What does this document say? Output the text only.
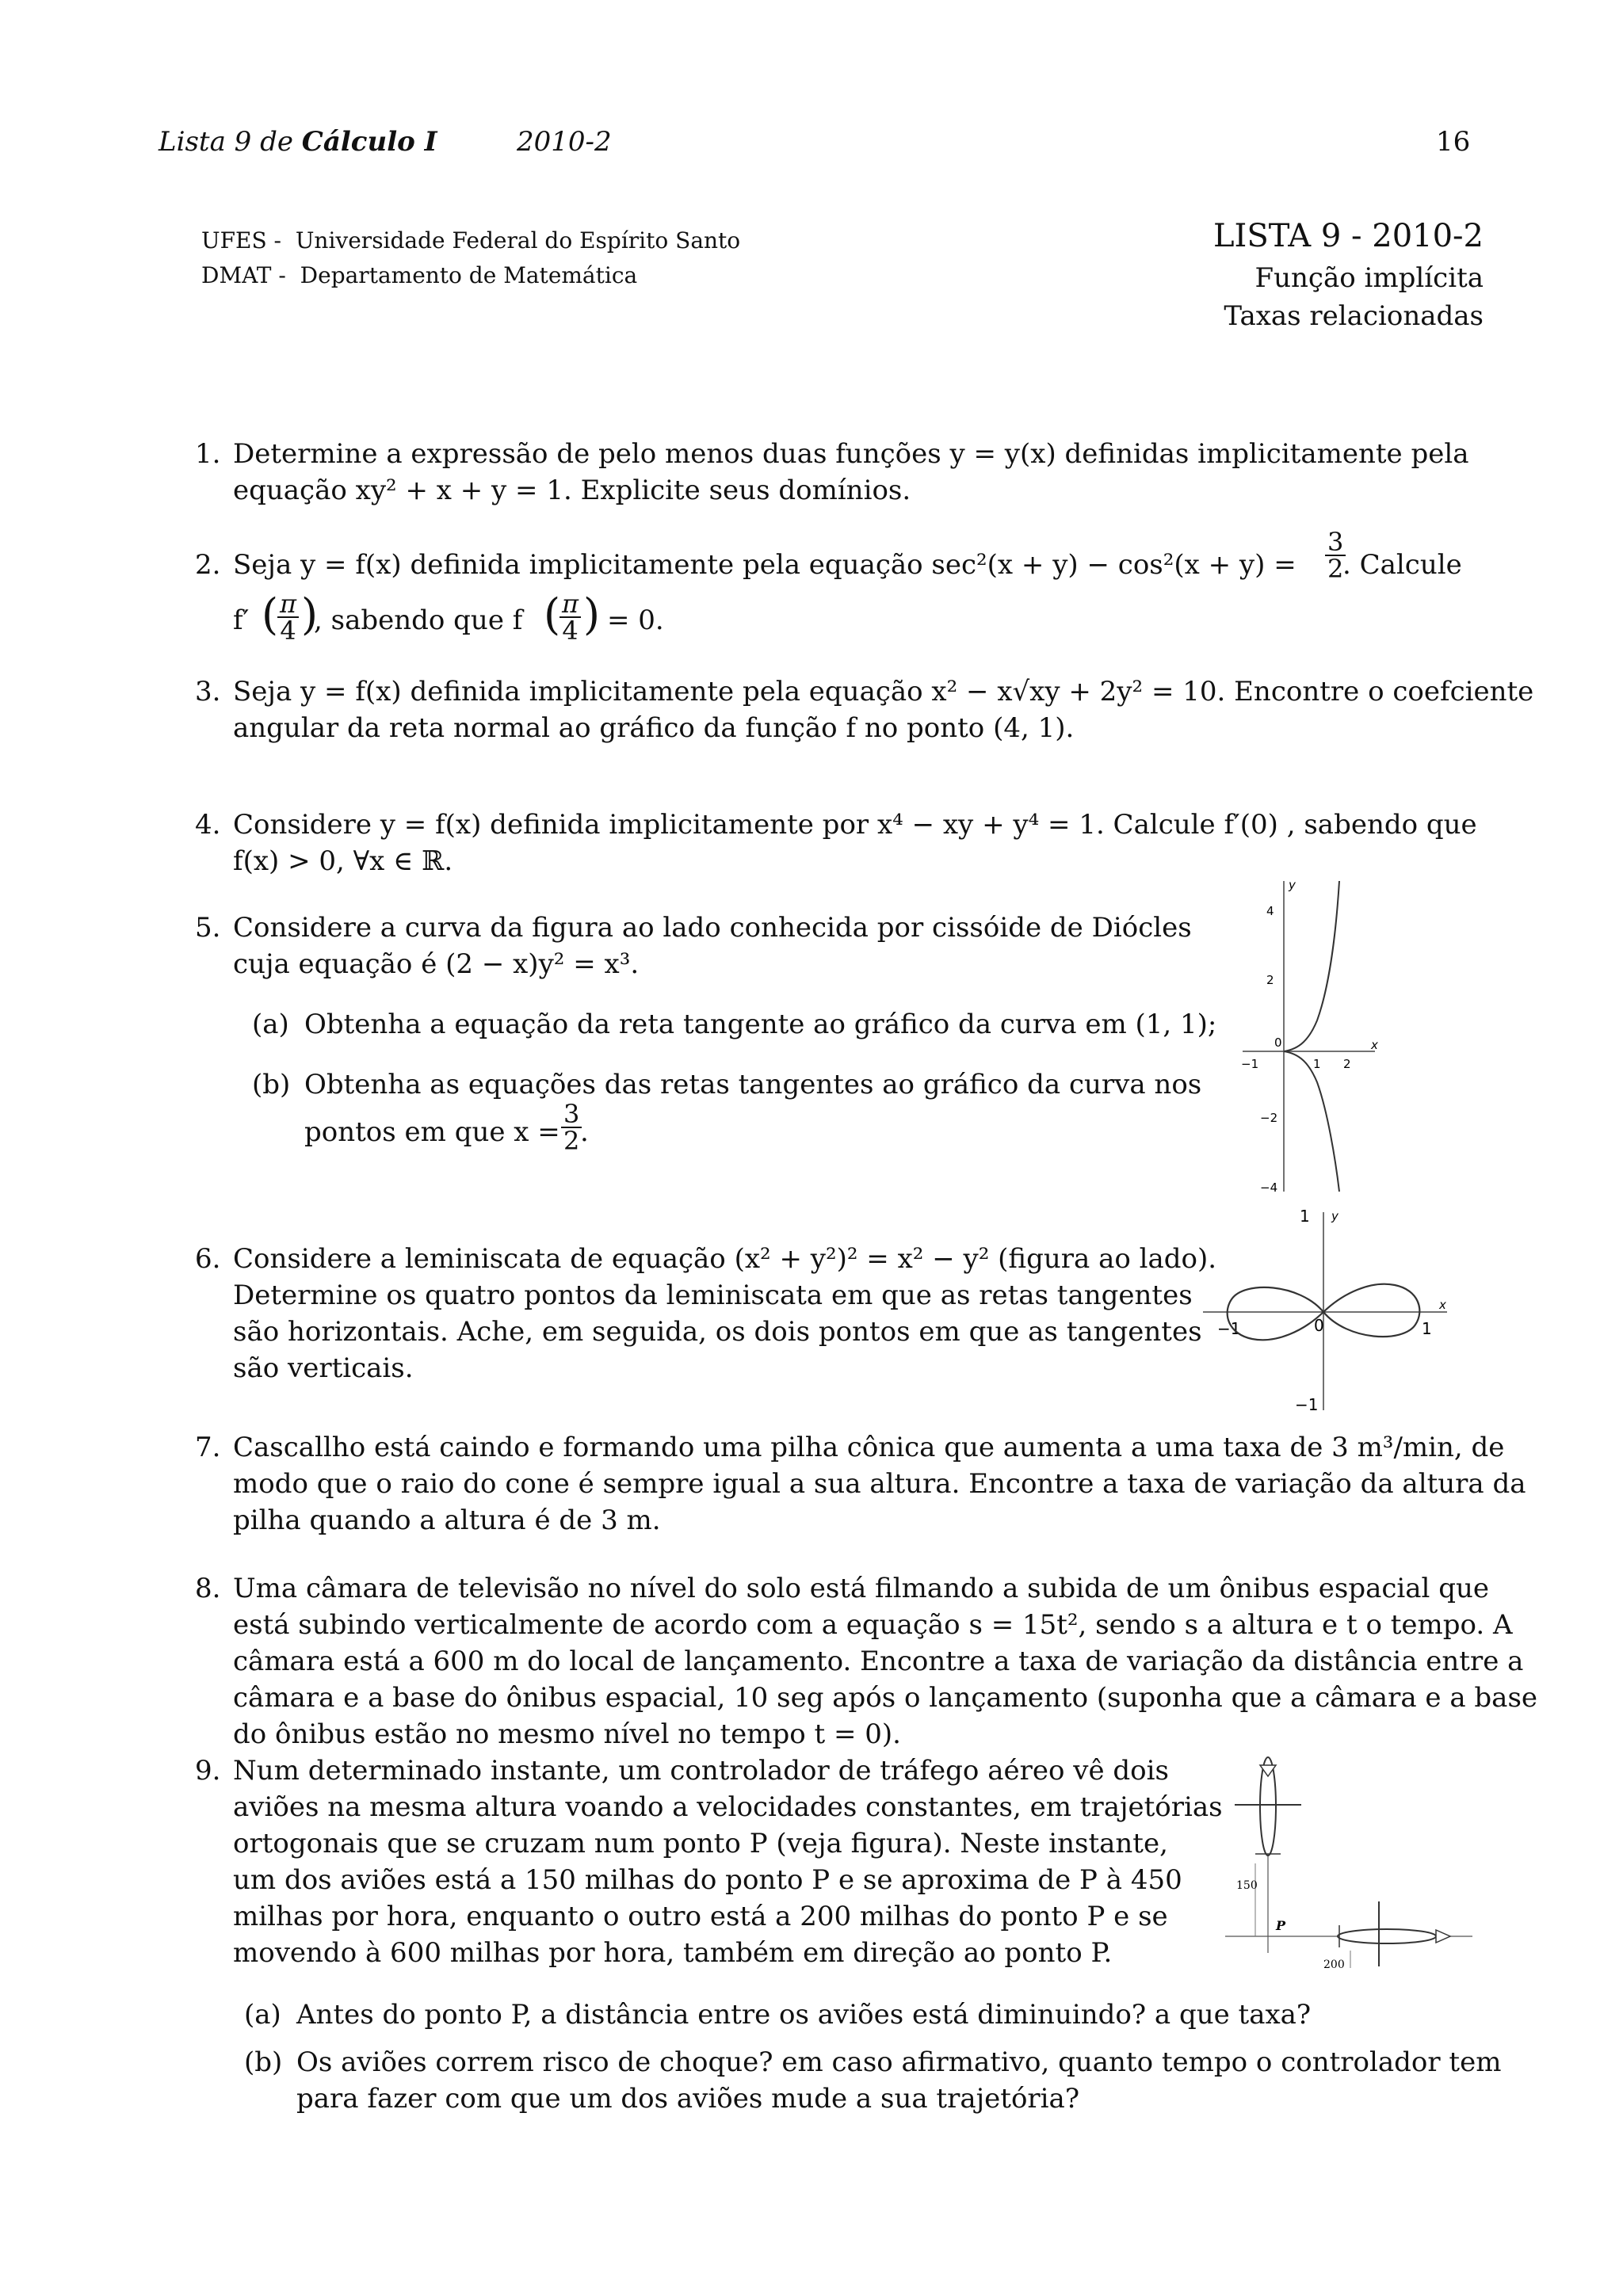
Lista 9 de Cálculo I	2010-2	16
UFES - Universidade Federal do Espírito Santo
DMAT - Departamento de Matemática
LISTA 9 - 2010-2
Função implícita
Taxas relacionadas
1. Determine a expressão de pelo menos duas funções y = y(x) definidas implicitamente pela
equação xy² + x + y = 1. Explicite seus domínios.
2. Seja y = f(x) definida implicitamente pela equação $\sec^2(x + y) - \cos^2(x + y) = \frac{3}{2}$
. Calcule
f′ (
$\frac{\pi}{4}$ )
, sabendo que f (
$\frac{\pi}{4}$ ) = 0.
3. Seja y = f(x) definida implicitamente pela equação x² − x√xy + 2y² = 10. Encontre o coefciente
angular da reta normal ao gráfico da função f no ponto (4, 1).
4. Considere y = f(x) definida implicitamente por x⁴ − xy + y⁴ = 1. Calcule f′(0) , sabendo que
f(x) > 0, ∀x ∈ ℝ.
5. Considere a curva da figura ao lado conhecida por cissóide de Diócles
cuja equação é (2 − x)y² = x³.
(a) Obtenha a equação da reta tangente ao gráfico da curva em (1, 1);
(b) Obtenha as equações das retas tangentes ao gráfico da curva nos
pontos em que $x = \frac{3}{2}$
.
y
x
4
2
−2
−4
−1
0
1 2
6. Considere a leminiscata de equação (x² + y²)² = x² − y² (figura ao lado).
Determine os quatro pontos da leminiscata em que as retas tangentes
são horizontais. Ache, em seguida, os dois pontos em que as tangentes
são verticais.
1 y
x
−1	0	1
−1
7. Cascallho está caindo e formando uma pilha cônica que aumenta a uma taxa de 3 m³/min, de
modo que o raio do cone é sempre igual a sua altura. Encontre a taxa de variação da altura da
pilha quando a altura é de 3 m.
8. Uma câmara de televisão no nível do solo está filmando a subida de um ônibus espacial que
está subindo verticalmente de acordo com a equação s = 15t², sendo s a altura e t o tempo. A
câmara está a 600 m do local de lançamento. Encontre a taxa de variação da distância entre a
câmara e a base do ônibus espacial, 10 seg após o lançamento (suponha que a câmara e a base
do ônibus estão no mesmo nível no tempo t = 0).
9. Num determinado instante, um controlador de tráfego aéreo vê dois
aviões na mesma altura voando a velocidades constantes, em trajetórias
ortogonais que se cruzam num ponto P (veja figura). Neste instante,
um dos aviões está a 150 milhas do ponto P e se aproxima de P à 450
milhas por hora, enquanto o outro está a 200 milhas do ponto P e se
movendo à 600 milhas por hora, também em direção ao ponto P.
(a) Antes do ponto P, a distância entre os aviões está diminuindo? a que taxa?
(b) Os aviões correm risco de choque? em caso afirmativo, quanto tempo o controlador tem
para fazer com que um dos aviões mude a sua trajetória?
150
P
200
